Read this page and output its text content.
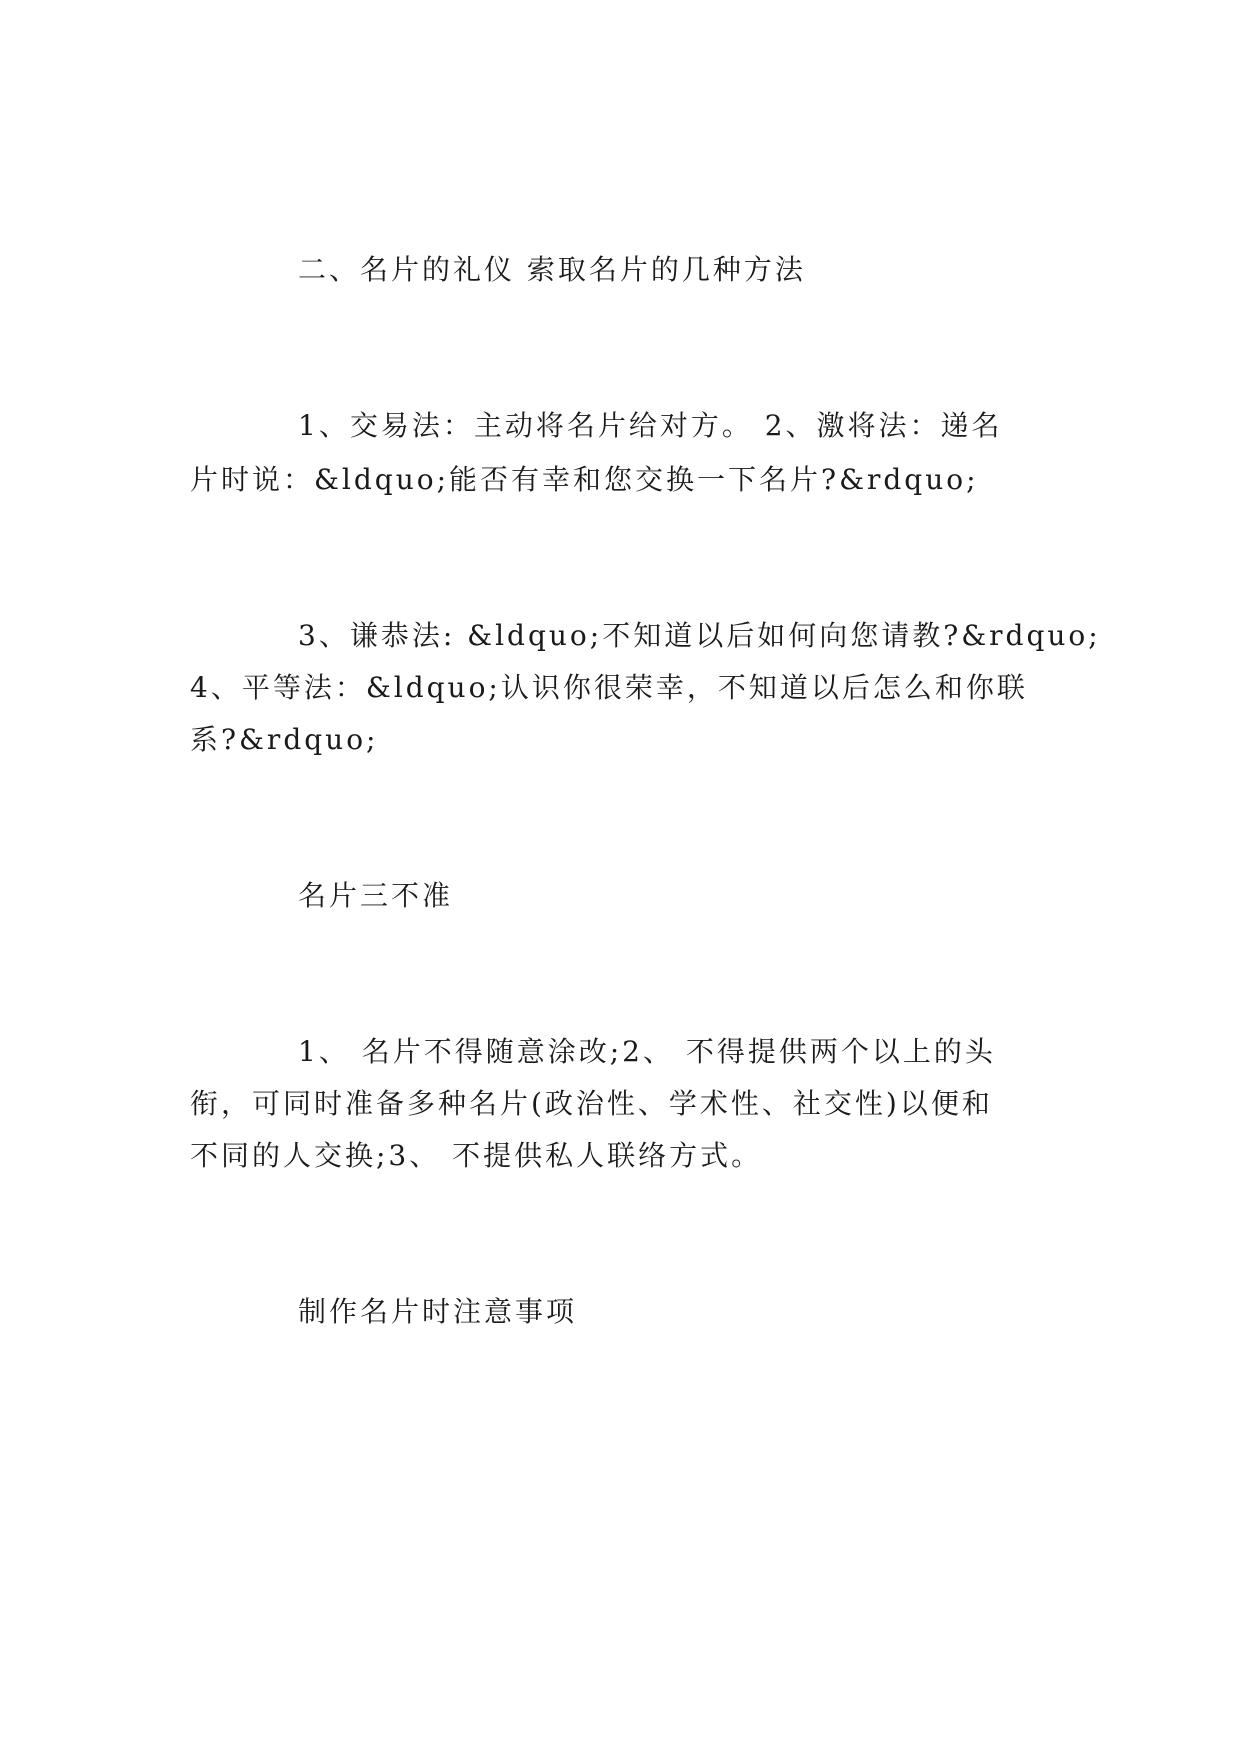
二、名片的礼仪 索取名片的几种方法
1、交易法：主动将名片给对方。 2、激将法：递名
片时说：&ldquo;能否有幸和您交换一下名片?&rdquo;
3、谦恭法: &ldquo;不知道以后如何向您请教?&rdquo;
4、平等法：&ldquo;认识你很荣幸，不知道以后怎么和你联
系?&rdquo;
名片三不准
1、 名片不得随意涂改;2、 不得提供两个以上的头
衔，可同时准备多种名片(政治性、学术性、社交性)以便和
不同的人交换;3、 不提供私人联络方式。
制作名片时注意事项
